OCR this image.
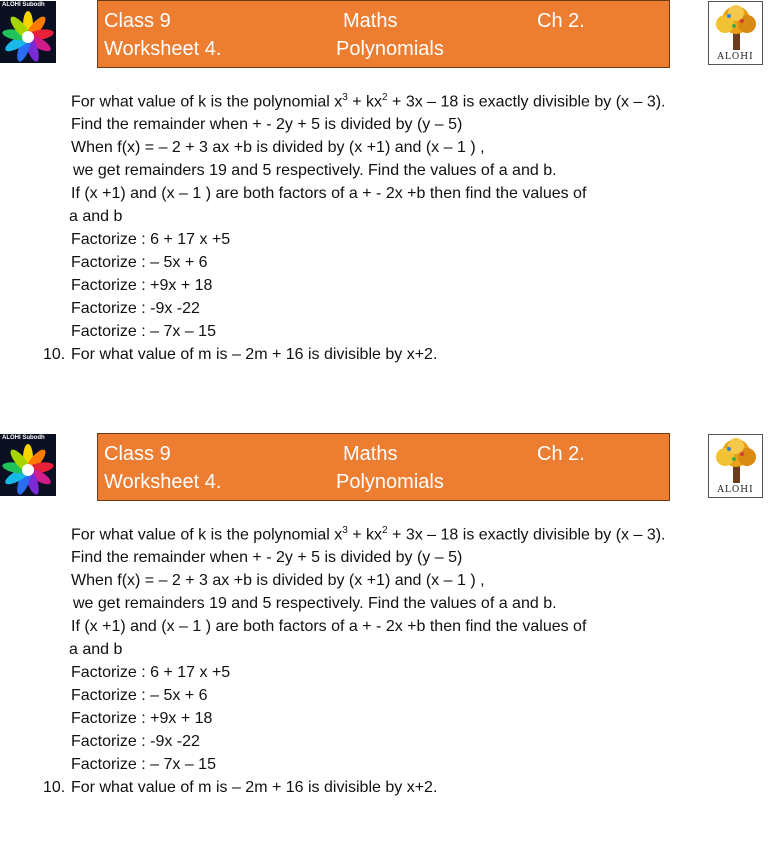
ALOHI Subodh
Class 9	Maths	Ch 2.
Worksheet 4.	Polynomials	ALOHI
For what value of k is the polynomial $x^3 + kx^2 + 3x - 18$ is exactly divisible by (x – 3).
Find the remainder when + - 2y + 5 is divided by (y – 5)
When f(x) = – 2 + 3 ax +b is divided by (x +1) and (x – 1 ) ,
we get remainders 19 and 5 respectively. Find the values of a and b.
If (x +1) and (x – 1 ) are both factors of a + - 2x +b then find the values of
a and b
Factorize : 6 + 17 x +5
Factorize : – 5x + 6
Factorize : +9x + 18
Factorize : -9x -22
Factorize : – 7x – 15
10. For what value of m is – 2m + 16 is divisible by x+2.
ALOHI Subodh
Class 9	Maths	Ch 2.
Worksheet 4.	Polynomials	ALOHI
For what value of k is the polynomial $x^3 + kx^2 + 3x - 18$ is exactly divisible by (x – 3).
Find the remainder when + - 2y + 5 is divided by (y – 5)
When f(x) = – 2 + 3 ax +b is divided by (x +1) and (x – 1 ) ,
we get remainders 19 and 5 respectively. Find the values of a and b.
If (x +1) and (x – 1 ) are both factors of a + - 2x +b then find the values of
a and b
Factorize : 6 + 17 x +5
Factorize : – 5x + 6
Factorize : +9x + 18
Factorize : -9x -22
Factorize : – 7x – 15
10. For what value of m is – 2m + 16 is divisible by x+2.
